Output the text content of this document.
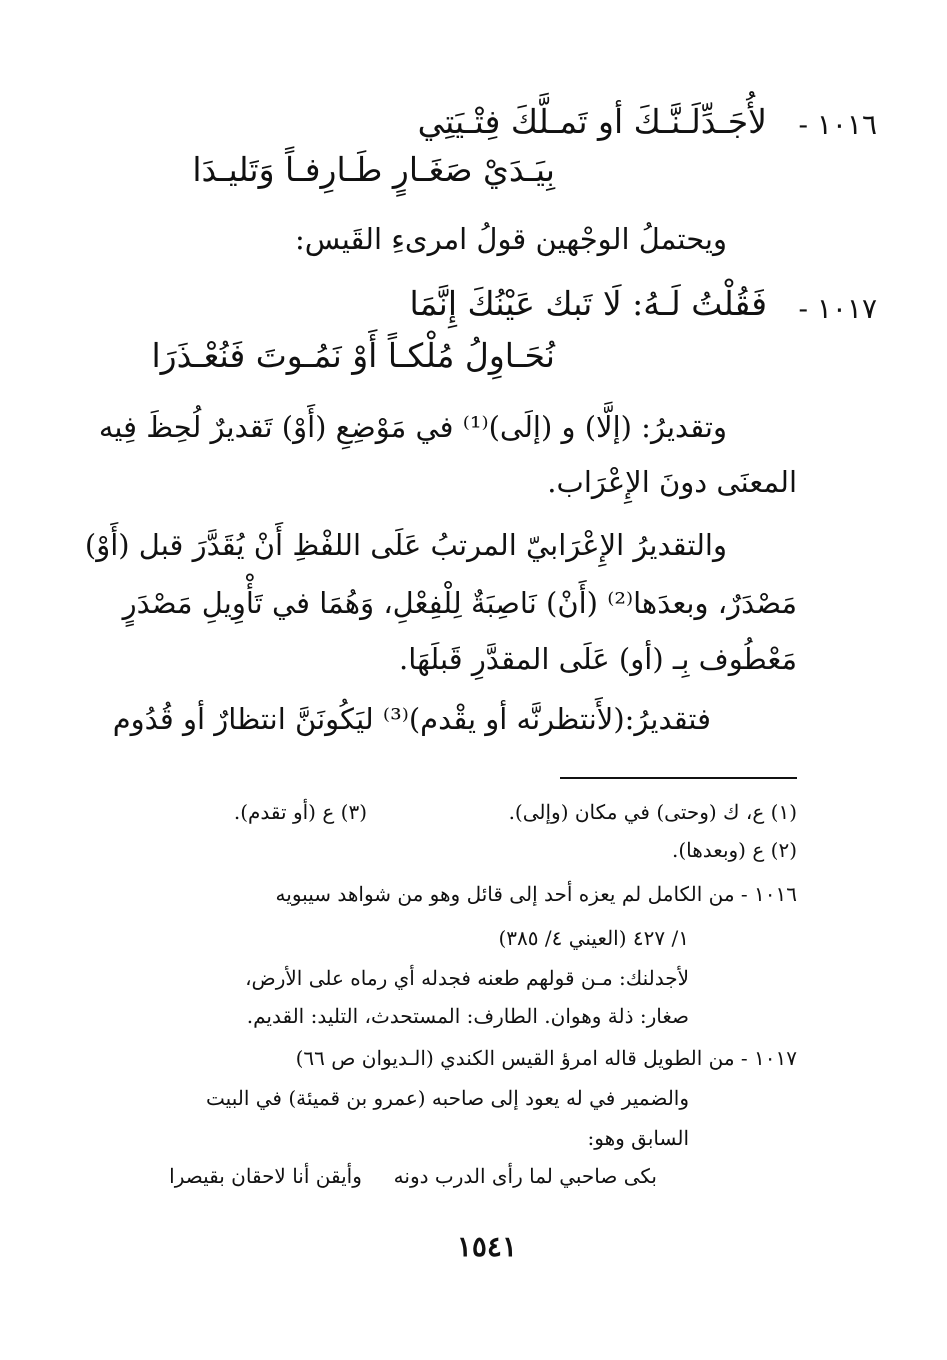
١٠١٦ -
لأُجَـدِّلَـنَّـكَ أو تَمـلَّكَ فِتْـيَتِي
بِيَـدَيْ صَغَـارٍ طَـارِفـاً وَتَليـدَا
ويحتملُ الوجْهين قولُ امرىءِ القَيس:
١٠١٧ -
فَقُلْتُ لَـهُ: لَا تَبك عَيْنُكَ إِنَّمَا
نُحَـاوِلُ مُلْكـاً أَوْ نَمُـوتَ فَنُعْـذَرَا
وتقديرُ: (إلَّا) و (إلَى)⁽¹⁾ في مَوْضِعِ (أَوْ) تَقديرٌ لُحِظَ فِيه
المعنَى دونَ الإِعْرَاب.
والتقديرُ الإِعْرَابيّ المرتبُ عَلَى اللفْظِ أَنْ يُقَدَّرَ قبل (أَوْ)
مَصْدَرٌ، وبعدَها⁽²⁾ (أَنْ) نَاصِبَةٌ لِلْفِعْلِ، وَهُمَا في تَأْوِيلِ مَصْدَرٍ
مَعْطُوف بِـ (أو) عَلَى المقدَّرِ قَبلَهَا.
فتقديرُ:(لأَنتظرنَّه أو يقْدم)⁽³⁾ ليَكُونَنَّ انتظارٌ أو قُدُوم
(١) ع، ك (وحتى) في مكان (وإلى).
(٣) ع (أو تقدم).
(٢) ع (وبعدها).
١٠١٦ - من الكامل لم يعزه أحد إلى قائل وهو من شواهد سيبويه
١/ ٤٢٧ (العيني ٤/ ٣٨٥)
لأجدلنك: مـن قولهم طعنه فجدله أي رماه على الأرض،
صغار: ذلة وهوان. الطارف: المستحدث، التليد: القديم.
١٠١٧ - من الطويل قاله امرؤ القيس الكندي (الـديوان ص ٦٦)
والضمير في له يعود إلى صاحبه (عمرو بن قميئة) في البيت
السابق وهو:
بكى صاحبي لما رأى الدرب دونه     وأيقن أنا لاحقان بقيصرا
١٥٤١
